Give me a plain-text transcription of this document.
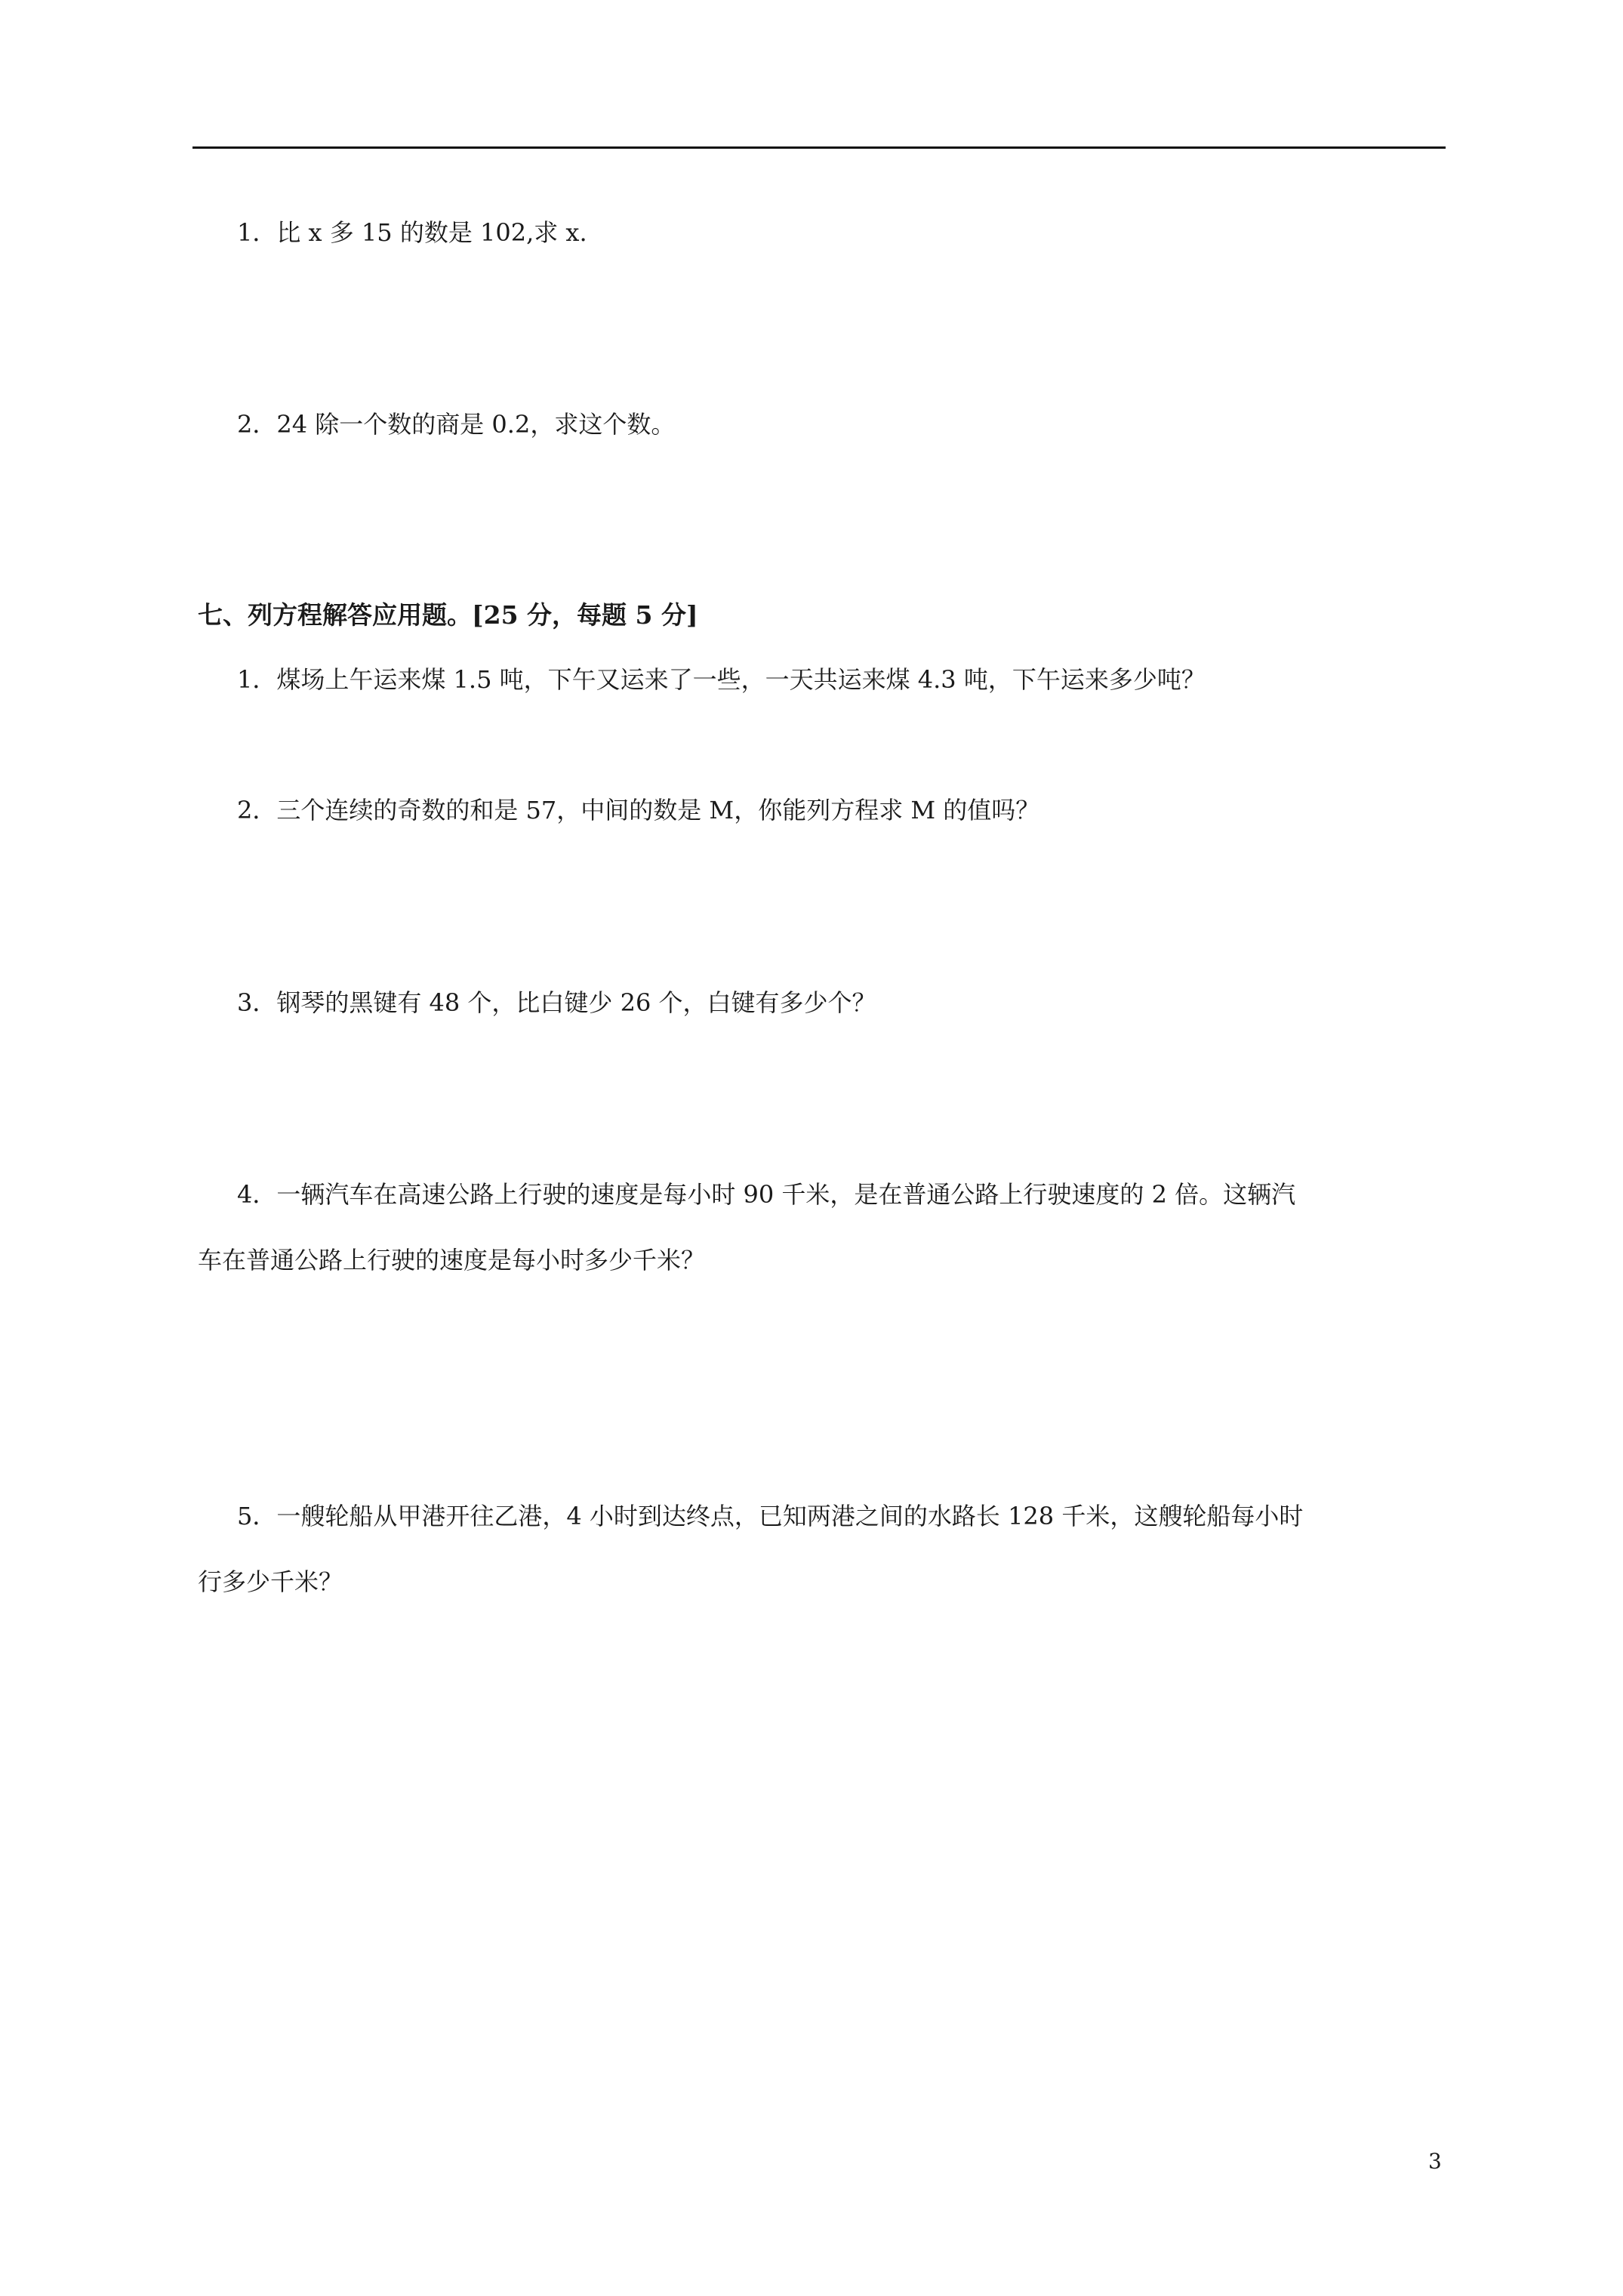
1．比 x 多 15 的数是 102,求 x.
2．24 除一个数的商是 0.2，求这个数。
七、列方程解答应用题。[25 分，每题 5 分]
1．煤场上午运来煤 1.5 吨，下午又运来了一些，一天共运来煤 4.3 吨，下午运来多少吨？
2．三个连续的奇数的和是 57，中间的数是 M，你能列方程求 M 的值吗？
3．钢琴的黑键有 48 个，比白键少 26 个，白键有多少个？
4．一辆汽车在高速公路上行驶的速度是每小时 90 千米，是在普通公路上行驶速度的 2 倍。这辆汽
车在普通公路上行驶的速度是每小时多少千米？
5．一艘轮船从甲港开往乙港，4 小时到达终点，已知两港之间的水路长 128 千米，这艘轮船每小时
行多少千米？
3
